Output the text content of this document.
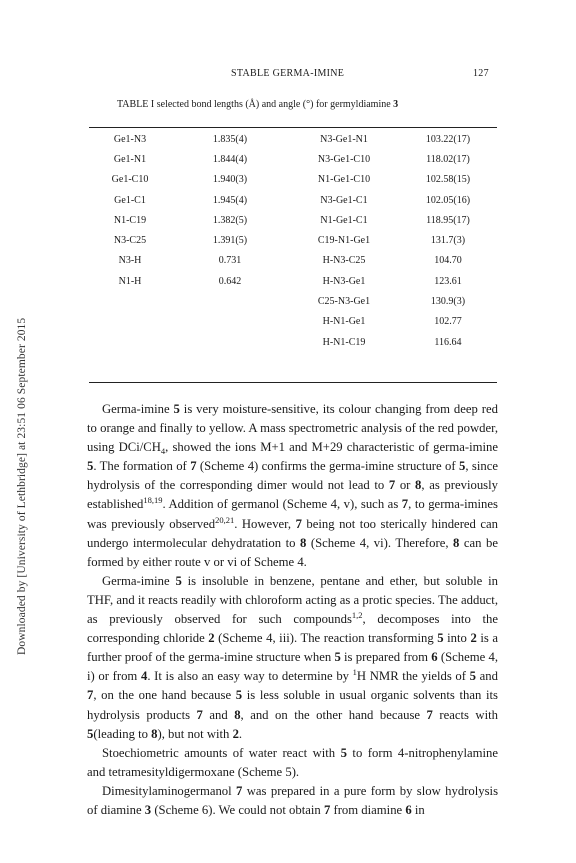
Downloaded by [University of Lethbridge] at 23:51 06 September 2015
STABLE GERMA-IMINE	127
TABLE I selected bond lengths (Å) and angle (°) for germyldiamine 3
Ge1-N3	1.835(4)	N3-Ge1-N1	103.22(17)
Ge1-N1	1.844(4)	N3-Ge1-C10	118.02(17)
Ge1-C10	1.940(3)	N1-Ge1-C10	102.58(15)
Ge1-C1	1.945(4)	N3-Ge1-C1	102.05(16)
N1-C19	1.382(5)	N1-Ge1-C1	118.95(17)
N3-C25	1.391(5)	C19-N1-Ge1	131.7(3)
N3-H	0.731	H-N3-C25	104.70
N1-H	0.642	H-N3-Ge1	123.61
		C25-N3-Ge1	130.9(3)
		H-N1-Ge1	102.77
		H-N1-C19	116.64

Germa-imine 5 is very moisture-sensitive, its colour changing from deep red to orange and finally to yellow. A mass spectrometric analysis of the red powder, using DCi/$CH_4$, showed the ions M+1 and M+29 characteristic of germa-imine 5. The formation of 7 (Scheme 4) confirms the germa-imine structure of 5, since hydrolysis of the corresponding dimer would not lead to 7 or 8, as previously established$^{18,19}$. Addition of germanol (Scheme 4, v), such as 7, to germa-imines was previously observed$^{20,21}$. However, 7 being not too sterically hindered can undergo intermolecular dehydratation to 8 (Scheme 4, vi). Therefore, 8 can be formed by either route v or vi of Scheme 4.

Germa-imine 5 is insoluble in benzene, pentane and ether, but soluble in THF, and it reacts readily with chloroform acting as a protic species. The adduct, as previously observed for such compounds$^{1,2}$, decomposes into the corresponding chloride 2 (Scheme 4, iii). The reaction transforming 5 into 2 is a further proof of the germa-imine structure when 5 is prepared from 6 (Scheme 4, i) or from 4. It is also an easy way to determine by $^1$H NMR the yields of 5 and 7, on the one hand because 5 is less soluble in usual organic solvents than its hydrolysis products 7 and 8, and on the other hand because 7 reacts with 5(leading to 8), but not with 2.

Stoechiometric amounts of water react with 5 to form 4-nitrophenylamine and tetramesityldigermoxane (Scheme 5).

Dimesitylaminogermanol 7 was prepared in a pure form by slow hydrolysis of diamine 3 (Scheme 6). We could not obtain 7 from diamine 6 in
